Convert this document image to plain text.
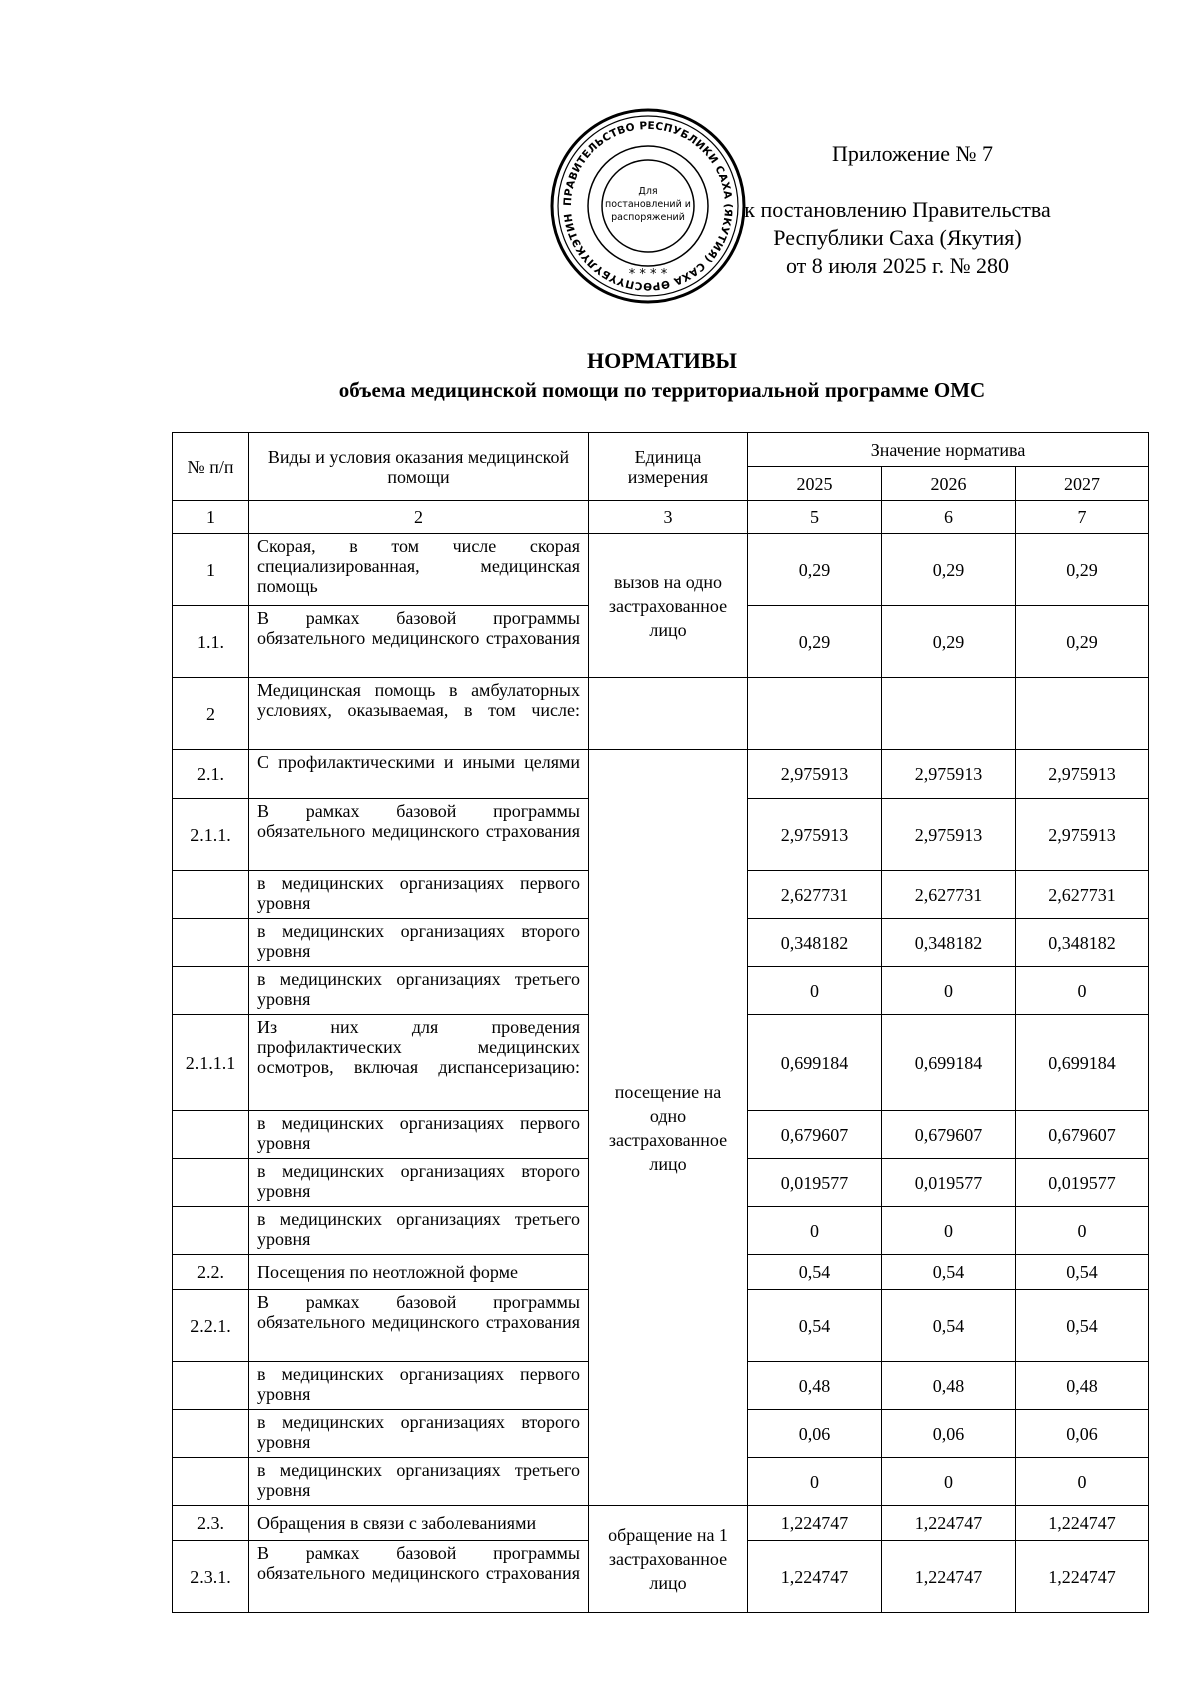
ПРАВИТЕЛЬСТВО РЕСПУБЛИКИ САХА (ЯКУТИЯ) САХА ӨРӨСПҮҮБҮЛҮКЭТИН
Для
постановлений и
распоряжений
* * * *
Приложение № 7
к постановлению Правительства
Республики Саха (Якутия)
от 8 июля 2025 г. № 280
НОРМАТИВЫ
объема медицинской помощи по территориальной программе ОМС
№ п/п	Виды и условия оказания медицинской помощи	Единица измерения	Значение норматива		
			2025	2026	2027
1	2	3	5	6	7
1	Скорая, в том числе скорая специализированная, медицинская помощь	вызов на одно застрахованное лицо	0,29	0,29	0,29
1.1.	В рамках базовой программы обязательного медицинского страхования		0,29	0,29	0,29
2	Медицинская помощь в амбулаторных условиях, оказываемая, в том числе:				
2.1.	С профилактическими и иными целями	посещение на одно застрахованное лицо	2,975913	2,975913	2,975913
2.1.1.	В рамках базовой программы обязательного медицинского страхования		2,975913	2,975913	2,975913
	в медицинских организациях первого уровня		2,627731	2,627731	2,627731
	в медицинских организациях второго уровня		0,348182	0,348182	0,348182
	в медицинских организациях третьего уровня		0	0	0
2.1.1.1	Из них для проведения профилактических медицинских осмотров, включая диспансеризацию:		0,699184	0,699184	0,699184
	в медицинских организациях первого уровня		0,679607	0,679607	0,679607
	в медицинских организациях второго уровня		0,019577	0,019577	0,019577
	в медицинских организациях третьего уровня		0	0	0
2.2.	Посещения по неотложной форме		0,54	0,54	0,54
2.2.1.	В рамках базовой программы обязательного медицинского страхования		0,54	0,54	0,54
	в медицинских организациях первого уровня		0,48	0,48	0,48
	в медицинских организациях второго уровня		0,06	0,06	0,06
	в медицинских организациях третьего уровня		0	0	0
2.3.	Обращения в связи с заболеваниями	обращение на 1 застрахованное лицо	1,224747	1,224747	1,224747
2.3.1.	В рамках базовой программы обязательного медицинского страхования		1,224747	1,224747	1,224747
